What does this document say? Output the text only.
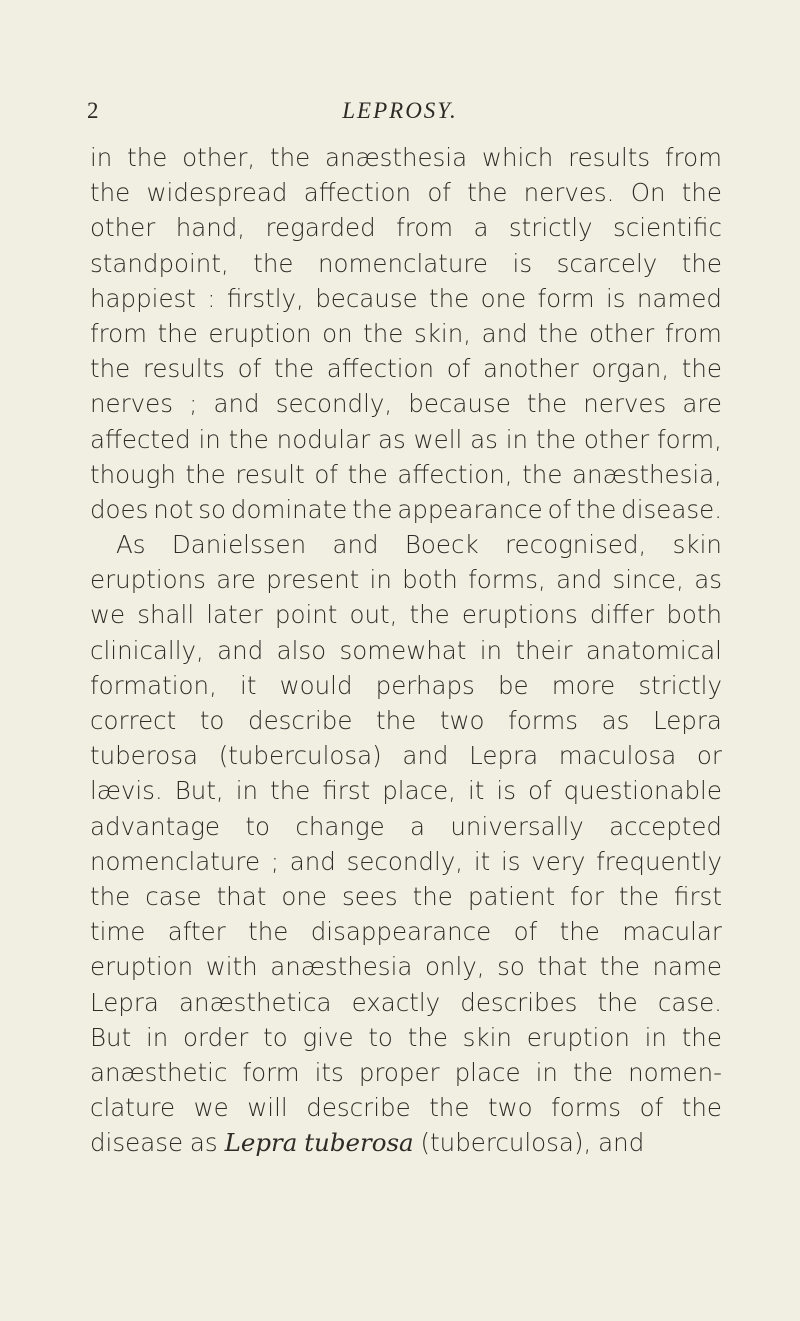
2	LEPROSY.
in the other, the anæsthesia which results from
the widespread affection of the nerves. On the
other hand, regarded from a strictly scientific
standpoint, the nomenclature is scarcely the
happiest : firstly, because the one form is named
from the eruption on the skin, and the other from
the results of the affection of another organ, the
nerves ; and secondly, because the nerves are
affected in the nodular as well as in the other form,
though the result of the affection, the anæsthesia,
does not so dominate the appearance of the disease.
As Danielssen and Boeck recognised, skin
eruptions are present in both forms, and since, as
we shall later point out, the eruptions differ both
clinically, and also somewhat in their anatomical
formation, it would perhaps be more strictly
correct to describe the two forms as Lepra
tuberosa (tuberculosa) and Lepra maculosa or
lævis. But, in the first place, it is of questionable
advantage to change a universally accepted
nomenclature ; and secondly, it is very frequently
the case that one sees the patient for the first
time after the disappearance of the macular
eruption with anæsthesia only, so that the name
Lepra anæsthetica exactly describes the case.
But in order to give to the skin eruption in the
anæsthetic form its proper place in the nomen-
clature we will describe the two forms of the
disease as Lepra tuberosa (tuberculosa), and
